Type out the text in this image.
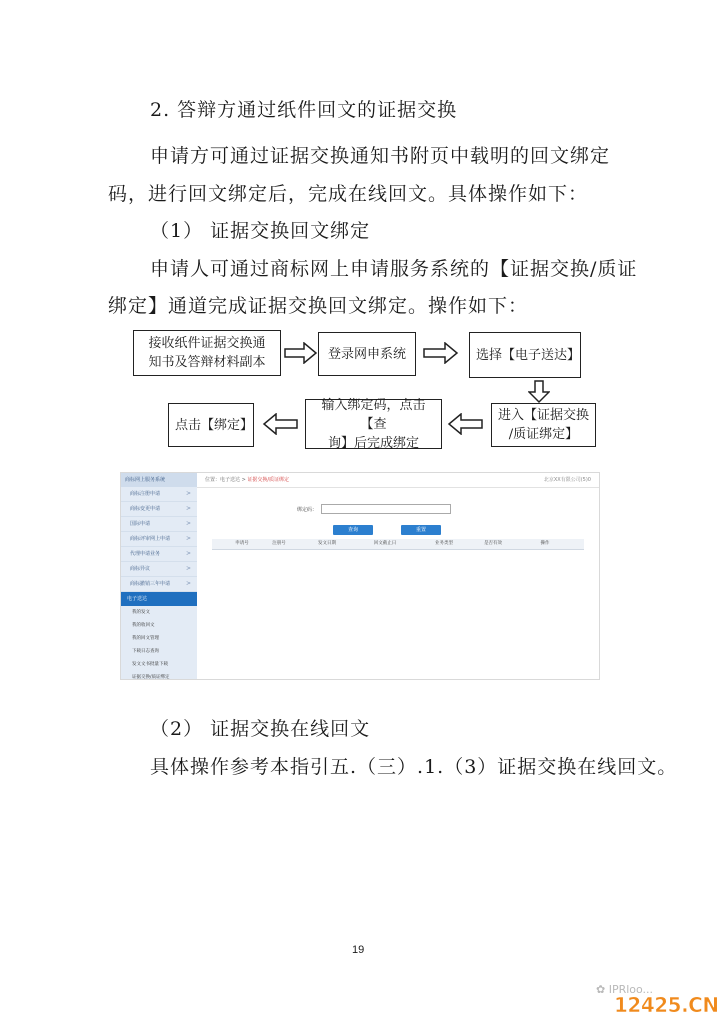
2. 答辩方通过纸件回文的证据交换
申请方可通过证据交换通知书附页中载明的回文绑定
码，进行回文绑定后，完成在线回文。具体操作如下：
（1） 证据交换回文绑定
申请人可通过商标网上申请服务系统的【证据交换/质证
绑定】通道完成证据交换回文绑定。操作如下：
接收纸件证据交换通
知书及答辩材料副本
登录网申系统	选择【电子送达】
进入【证据交换
/质证绑定】
输入绑定码，点击【查
询】后完成绑定
点击【绑定】
商标网上服务系统
商标注册申请	>
商标变更申请	>
国际申请	>
商标评审网上申请	>
代理申请业务	>
商标异议	>
商标撤销三年申请	>
电子送达
我的发文
我的收回文
我的回文管理
下载日志查询
发文文书批量下载
证据交换/质证绑定
位置：电子送达 > 证据交换/质证绑定	北京XX有限公司(5)0
绑定码：
查询	重置
申请号	注册号	发文日期	回文截止日	业务类型	是否有效	操作
（2） 证据交换在线回文
具体操作参考本指引五.（三）.1.（3）证据交换在线回文。
19
✿ IPRloo...
12425.CN
